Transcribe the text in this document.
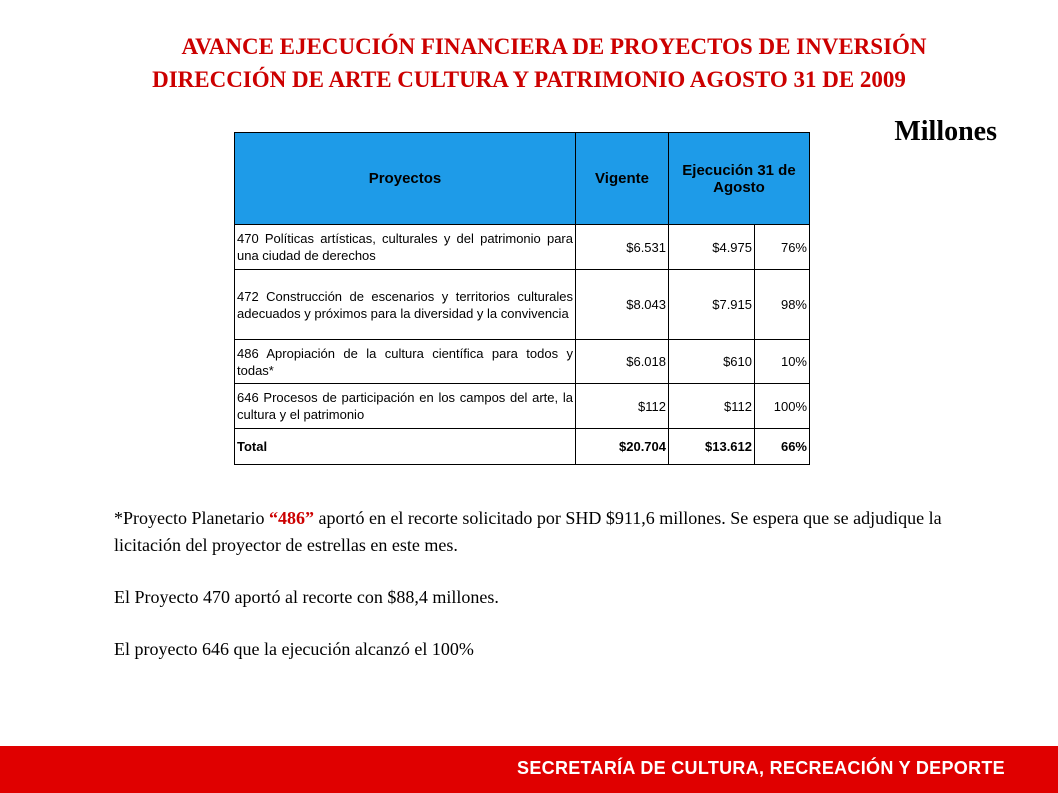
AVANCE EJECUCIÓN FINANCIERA DE PROYECTOS DE INVERSIÓN
DIRECCIÓN DE ARTE CULTURA Y PATRIMONIO AGOSTO 31 DE 2009
Millones
Proyectos	Vigente	Ejecución 31 de Agosto	
470 Políticas artísticas, culturales y del patrimonio para una ciudad de derechos	$6.531	$4.975	76%
472 Construcción de escenarios y territorios culturales adecuados y próximos para la diversidad y la convivencia	$8.043	$7.915	98%
486 Apropiación de la cultura científica para todos y todas*	$6.018	$610	10%
646 Procesos de participación en los campos del arte, la cultura y el patrimonio	$112	$112	100%
Total	$20.704	$13.612	66%

*Proyecto Planetario “486” aportó en el recorte solicitado por SHD $911,6 millones. Se espera que se adjudique la licitación del proyector de estrellas en este mes.

El Proyecto 470 aportó al recorte con $88,4 millones.

El proyecto 646 que la ejecución alcanzó el 100%

SECRETARÍA DE CULTURA, RECREACIÓN Y DEPORTE
